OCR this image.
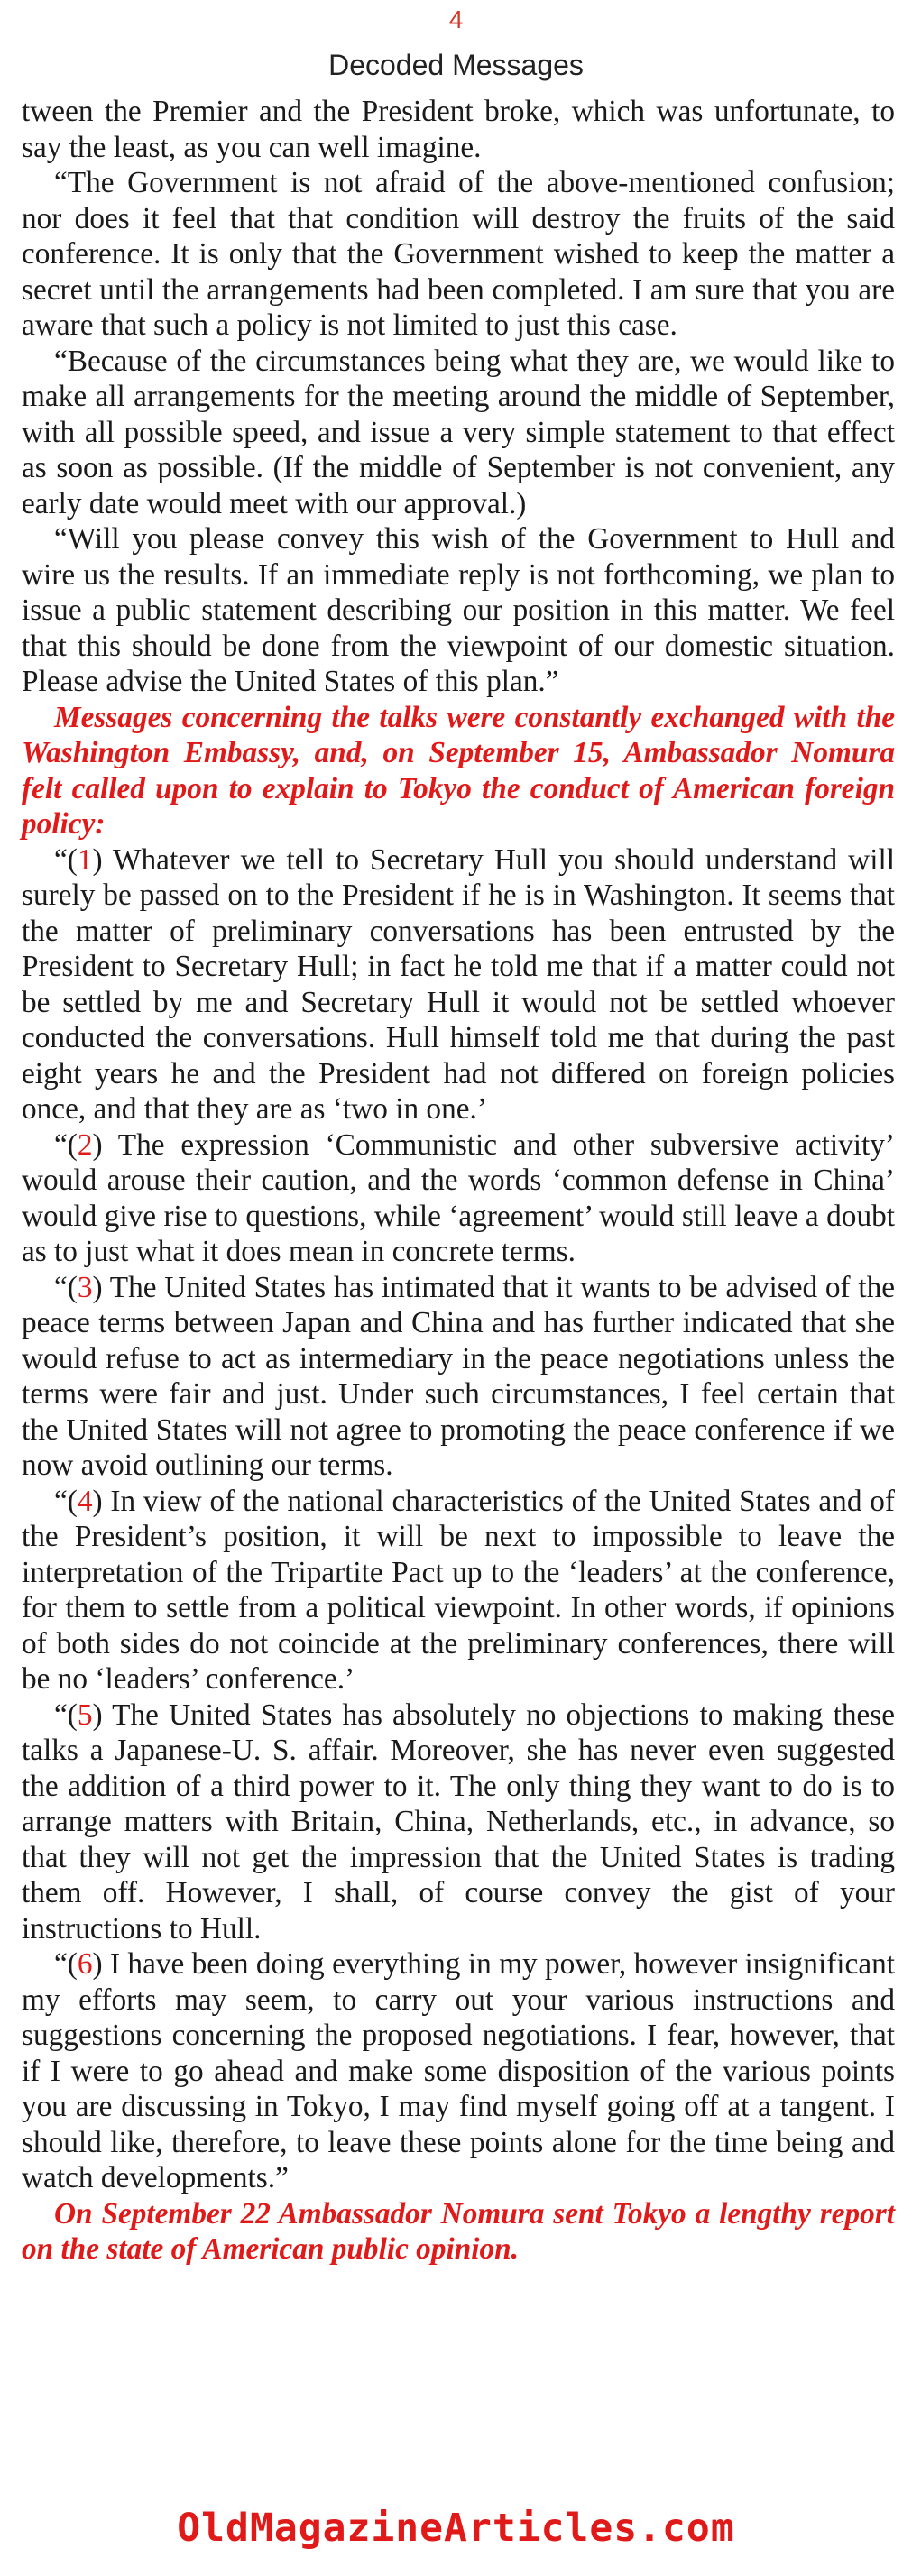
4
Decoded Messages

tween the Premier and the President broke, which was unfortunate, to say the least, as you can well imagine.

“The Government is not afraid of the above-mentioned confusion; nor does it feel that that condition will destroy the fruits of the said conference. It is only that the Government wished to keep the matter a secret until the arrangements had been completed. I am sure that you are aware that such a policy is not limited to just this case.

“Because of the circumstances being what they are, we would like to make all arrangements for the meeting around the middle of September, with all possible speed, and issue a very simple statement to that effect as soon as possible. (If the middle of September is not convenient, any early date would meet with our approval.)

“Will you please convey this wish of the Government to Hull and wire us the results. If an immediate reply is not forthcoming, we plan to issue a public statement describing our position in this matter. We feel that this should be done from the viewpoint of our domestic situation. Please advise the United States of this plan.”

Messages concerning the talks were constantly exchanged with the Washington Embassy, and, on September 15, Ambassador Nomura felt called upon to explain to Tokyo the conduct of American foreign policy:

“(1) Whatever we tell to Secretary Hull you should understand will surely be passed on to the President if he is in Washington. It seems that the matter of preliminary conversations has been entrusted by the President to Secretary Hull; in fact he told me that if a matter could not be settled by me and Secretary Hull it would not be settled whoever conducted the conversations. Hull himself told me that during the past eight years he and the President had not differed on foreign policies once, and that they are as ‘two in one.’

“(2) The expression ‘Communistic and other subversive activity’ would arouse their caution, and the words ‘common defense in China’ would give rise to questions, while ‘agreement’ would still leave a doubt as to just what it does mean in concrete terms.

“(3) The United States has intimated that it wants to be advised of the peace terms between Japan and China and has further indicated that she would refuse to act as intermediary in the peace negotiations unless the terms were fair and just. Under such circumstances, I feel certain that the United States will not agree to promoting the peace conference if we now avoid outlining our terms.

“(4) In view of the national characteristics of the United States and of the President’s position, it will be next to impossible to leave the interpretation of the Tripartite Pact up to the ‘leaders’ at the conference, for them to settle from a political viewpoint. In other words, if opinions of both sides do not coincide at the preliminary conferences, there will be no ‘leaders’ conference.’

“(5) The United States has absolutely no objections to making these talks a Japanese-U. S. affair. Moreover, she has never even suggested the addition of a third power to it. The only thing they want to do is to arrange matters with Britain, China, Netherlands, etc., in advance, so that they will not get the impression that the United States is trading them off. However, I shall, of course convey the gist of your instructions to Hull.

“(6) I have been doing everything in my power, however insignificant my efforts may seem, to carry out your various instructions and suggestions concerning the proposed negotiations. I fear, however, that if I were to go ahead and make some disposition of the various points you are discussing in Tokyo, I may find myself going off at a tangent. I should like, therefore, to leave these points alone for the time being and watch developments.”

On September 22 Ambassador Nomura sent Tokyo a lengthy report on the state of American public opinion.

OldMagazineArticles.com
